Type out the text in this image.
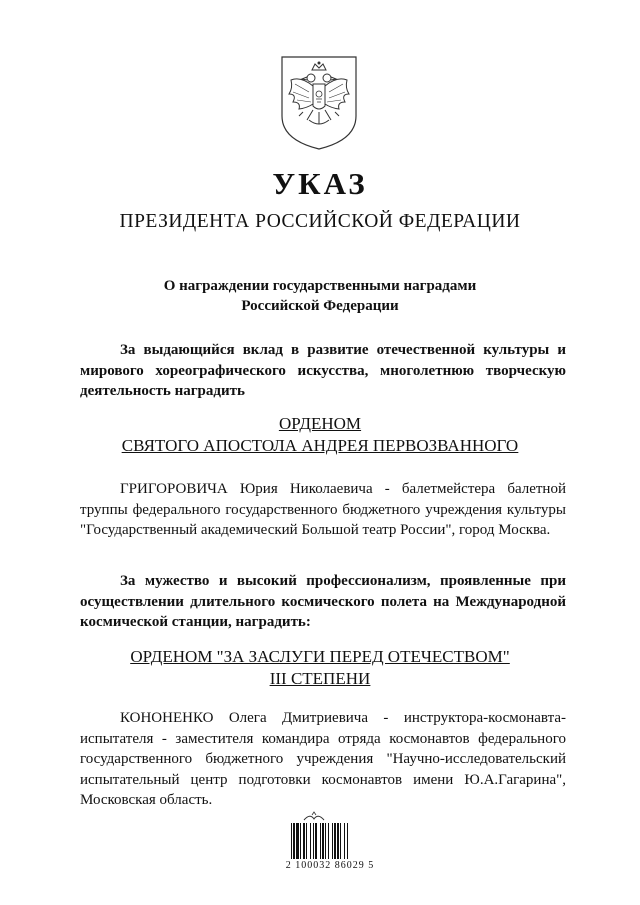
УКАЗ
ПРЕЗИДЕНТА РОССИЙСКОЙ ФЕДЕРАЦИИ
О награждении государственными наградами
Российской Федерации

За выдающийся вклад в развитие отечественной культуры и мирового хореографического искусства, многолетнюю творческую деятельность наградить

ОРДЕНОМ
СВЯТОГО АПОСТОЛА АНДРЕЯ ПЕРВОЗВАННОГО

ГРИГОРОВИЧА Юрия Николаевича - балетмейстера балетной труппы федерального государственного бюджетного учреждения культуры "Государственный академический Большой театр России", город Москва.

За мужество и высокий профессионализм, проявленные при осуществлении длительного космического полета на Международной космической станции, наградить:

ОРДЕНОМ "ЗА ЗАСЛУГИ ПЕРЕД ОТЕЧЕСТВОМ"
III СТЕПЕНИ

КОНОНЕНКО Олега Дмитриевича - инструктора-космонавта-испытателя - заместителя командира отряда космонавтов федерального государственного бюджетного учреждения "Научно-исследовательский испытательный центр подготовки космонавтов имени Ю.А.Гагарина", Московская область.

2 100032 86029 5
